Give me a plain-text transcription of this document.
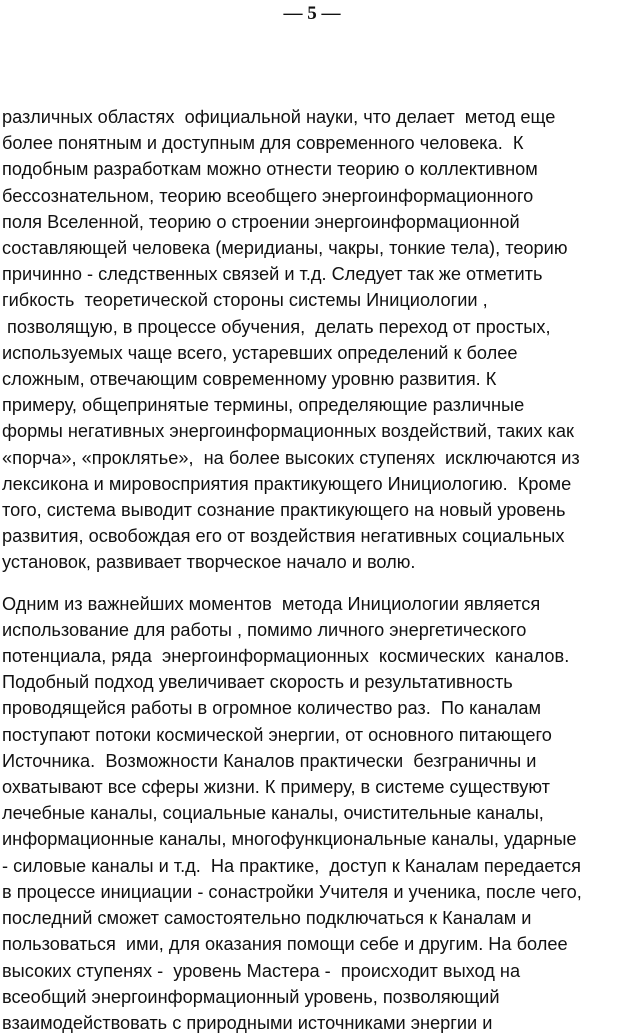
— 5 —

различных областях  официальной науки, что делает  метод еще
более понятным и доступным для современного человека.  К
подобным разработкам можно отнести теорию о коллективном
бессознательном, теорию всеобщего энергоинформационного
поля Вселенной, теорию о строении энергоинформационной
составляющей человека (меридианы, чакры, тонкие тела), теорию
причинно - следственных связей и т.д. Следует так же отметить
гибкость  теоретической стороны системы Инициологии ,
позволящую, в процессе обучения,  делать переход от простых,
используемых чаще всего, устаревших определений к более
сложным, отвечающим современному уровню развития. К
примеру, общепринятые термины, определяющие различные
формы негативных энергоинформационных воздействий, таких как
«порча», «проклятье»,  на более высоких ступенях  исключаются из
лексикона и мировосприятия практикующего Инициологию.  Кроме
того, система выводит сознание практикующего на новый уровень
развития, освобождая его от воздействия негативных социальных
установок, развивает творческое начало и волю.

Одним из важнейших моментов  метода Инициологии является
использование для работы , помимо личного энергетического
потенциала, ряда  энергоинформационных  космических  каналов.
Подобный подход увеличивает скорость и результативность
проводящейся работы в огромное количество раз.  По каналам
поступают потоки космической энергии, от основного питающего
Источника.  Возможности Каналов практически  безграничны и
охватывают все сферы жизни. К примеру, в системе существуют
лечебные каналы, социальные каналы, очистительные каналы,
информационные каналы, многофункциональные каналы, ударные
- силовые каналы и т.д.  На практике,  доступ к Каналам передается
в процессе инициации - сонастройки Учителя и ученика, после чего,
последний сможет самостоятельно подключаться к Каналам и
пользоваться  ими, для оказания помощи себе и другим. На более
высоких ступенях -  уровень Мастера -  происходит выход на
всеобщий энергоинформационный уровень, позволяющий
взаимодействовать с природными источниками энергии и
